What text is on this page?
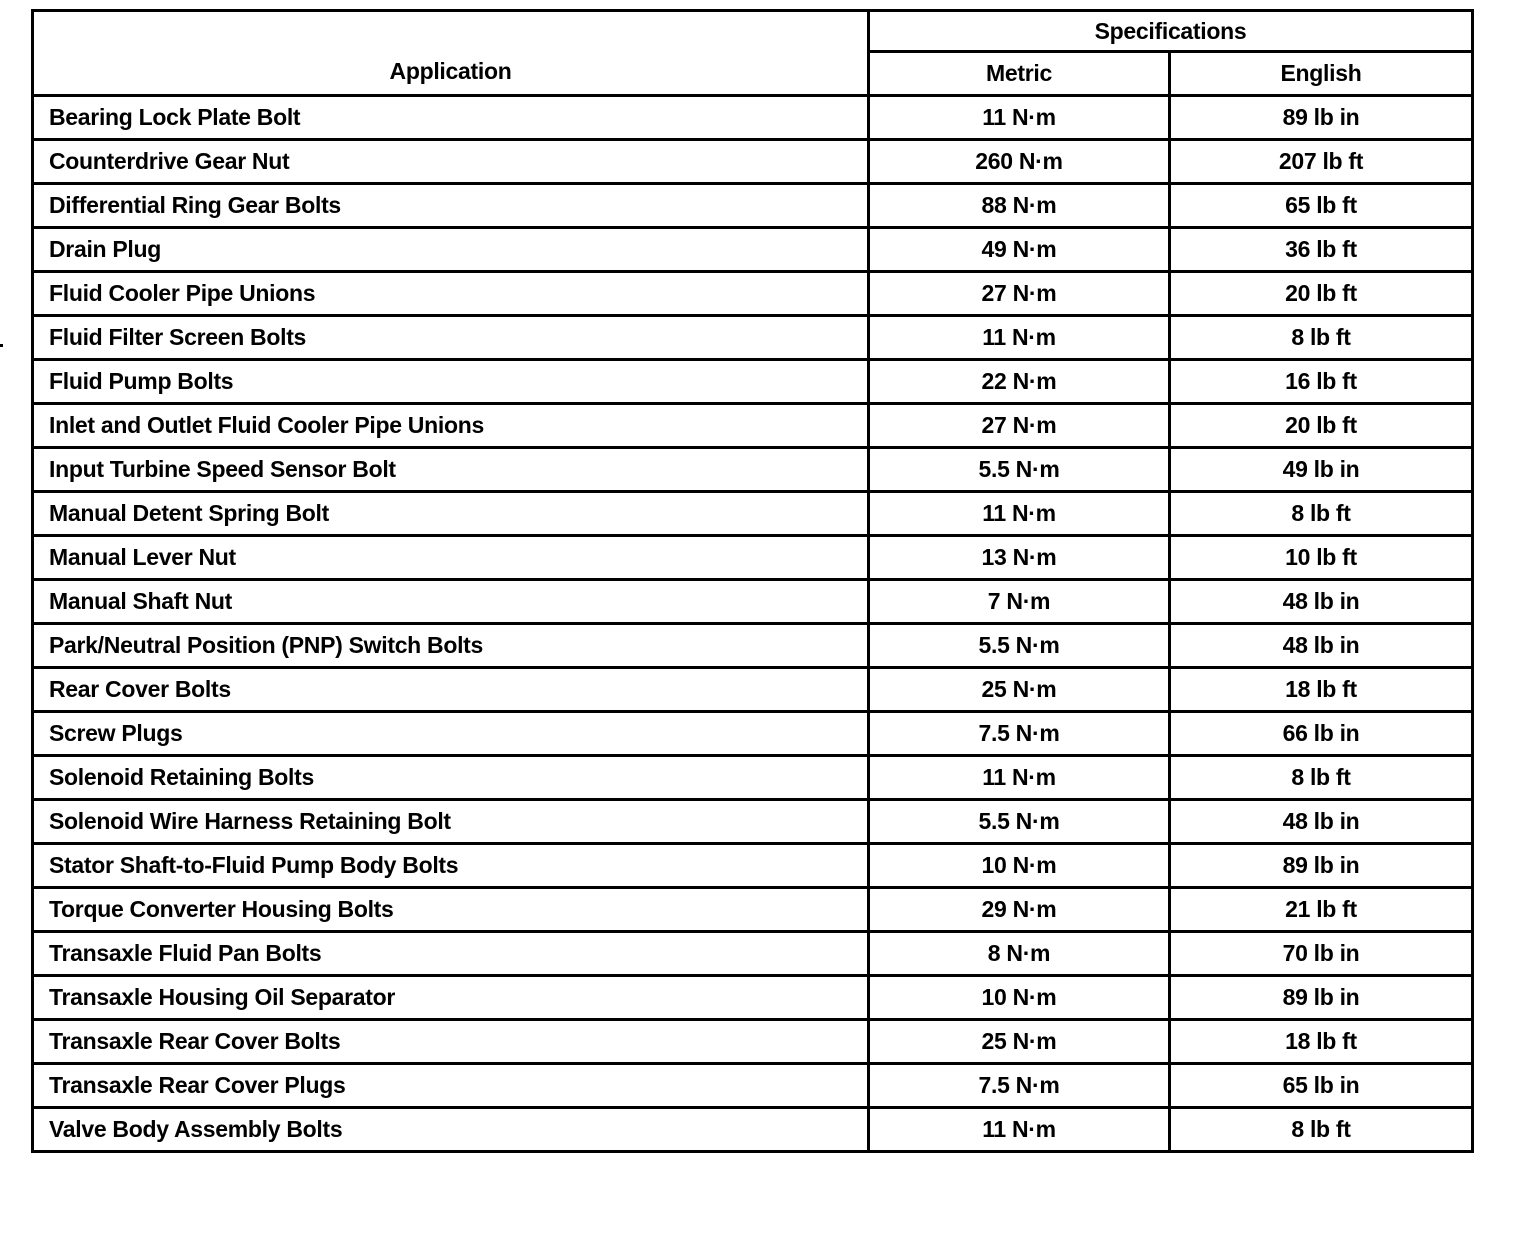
Application	Specifications	
	Metric	English
Bearing Lock Plate Bolt	11 N·m	89 lb in
Counterdrive Gear Nut	260 N·m	207 lb ft
Differential Ring Gear Bolts	88 N·m	65 lb ft
Drain Plug	49 N·m	36 lb ft
Fluid Cooler Pipe Unions	27 N·m	20 lb ft
Fluid Filter Screen Bolts	11 N·m	8 lb ft
Fluid Pump Bolts	22 N·m	16 lb ft
Inlet and Outlet Fluid Cooler Pipe Unions	27 N·m	20 lb ft
Input Turbine Speed Sensor Bolt	5.5 N·m	49 lb in
Manual Detent Spring Bolt	11 N·m	8 lb ft
Manual Lever Nut	13 N·m	10 lb ft
Manual Shaft Nut	7 N·m	48 lb in
Park/Neutral Position (PNP) Switch Bolts	5.5 N·m	48 lb in
Rear Cover Bolts	25 N·m	18 lb ft
Screw Plugs	7.5 N·m	66 lb in
Solenoid Retaining Bolts	11 N·m	8 lb ft
Solenoid Wire Harness Retaining Bolt	5.5 N·m	48 lb in
Stator Shaft-to-Fluid Pump Body Bolts	10 N·m	89 lb in
Torque Converter Housing Bolts	29 N·m	21 lb ft
Transaxle Fluid Pan Bolts	8 N·m	70 lb in
Transaxle Housing Oil Separator	10 N·m	89 lb in
Transaxle Rear Cover Bolts	25 N·m	18 lb ft
Transaxle Rear Cover Plugs	7.5 N·m	65 lb in
Valve Body Assembly Bolts	11 N·m	8 lb ft
